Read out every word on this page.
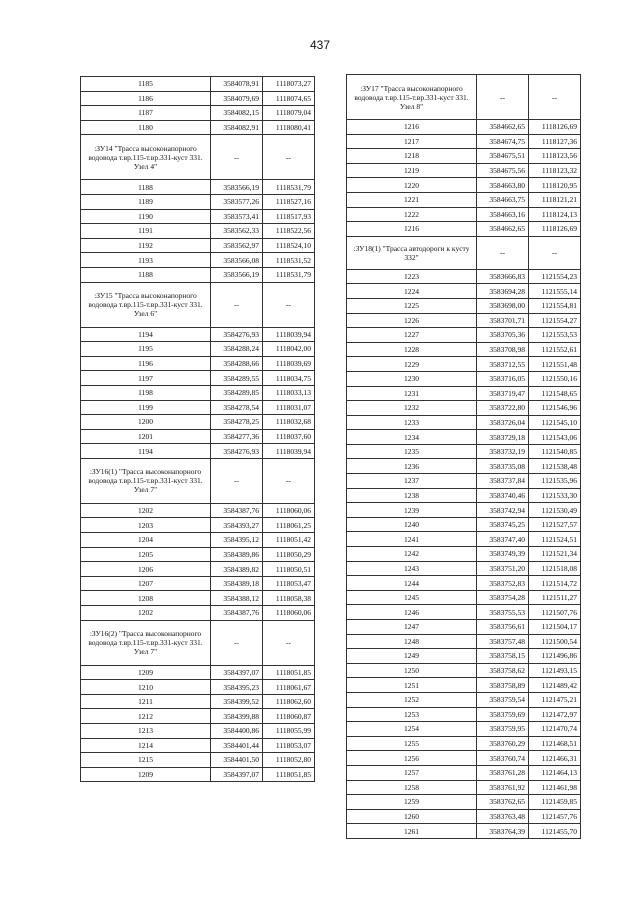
437
1185	3584078,91	1118073,27
1186	3584079,69	1118074,65
1187	3584082,15	1118079,04
1180	3584082,91	1118080,41
:ЗУ14 "Трасса высоконапорного водовода т.вр.115-т.вр.331-куст 331. Узел 4"	--	--
1188	3583566,19	1118531,79
1189	3583577,26	1118527,16
1190	3583573,41	1118517,93
1191	3583562,33	1118522,56
1192	3583562,97	1118524,10
1193	3583566,08	1118531,52
1188	3583566,19	1118531,79
:ЗУ15 "Трасса высоконапорного водовода т.вр.115-т.вр.331-куст 331. Узел 6"	--	--
1194	3584276,93	1118039,94
1195	3584288,24	1118042,00
1196	3584288,66	1118039,69
1197	3584289,55	1118034,75
1198	3584289,85	1118033,13
1199	3584278,54	1118031,07
1200	3584278,25	1118032,68
1201	3584277,36	1118037,60
1194	3584276,93	1118039,94
:ЗУ16(1) "Трасса высоконапорного водовода т.вр.115-т.вр.331-куст 331. Узел 7"	--	--
1202	3584387,76	1118060,06
1203	3584393,27	1118061,25
1204	3584395,12	1118051,42
1205	3584389,86	1118050,29
1206	3584389,82	1118050,51
1207	3584389,18	1118053,47
1208	3584388,12	1118058,38
1202	3584387,76	1118060,06
:ЗУ16(2) "Трасса высоконапорного водовода т.вр.115-т.вр.331-куст 331. Узел 7"	--	--
1209	3584397,07	1118051,85
1210	3584395,23	1118061,67
1211	3584399,52	1118062,60
1212	3584399,88	1118060,87
1213	3584400,86	1118055,99
1214	3584401,44	1118053,07
1215	3584401,50	1118052,80
1209	3584397,07	1118051,85
:ЗУ17 "Трасса высоконапорного водовода т.вр.115-т.вр.331-куст 331. Узел 8"	--	--
1216	3584662,65	1118126,69
1217	3584674,75	1118127,36
1218	3584675,51	1118123,56
1219	3584675,56	1118123,32
1220	3584663,80	1118120,95
1221	3584663,75	1118121,21
1222	3584663,16	1118124,13
1216	3584662,65	1118126,69
:ЗУ18(1) "Трасса автодороги к кусту 332"	--	--
1223	3583666,83	1121554,23
1224	3583694,28	1121555,14
1225	3583698,00	1121554,81
1226	3583701,71	1121554,27
1227	3583705,36	1121553,53
1228	3583708,98	1121552,61
1229	3583712,55	1121551,48
1230	3583716,05	1121550,16
1231	3583719,47	1121548,65
1232	3583722,80	1121546,96
1233	3583726,04	1121545,10
1234	3583729,18	1121543,06
1235	3583732,19	1121540,85
1236	3583735,08	1121538,48
1237	3583737,84	1121535,96
1238	3583740,46	1121533,30
1239	3583742,94	1121530,49
1240	3583745,25	1121527,57
1241	3583747,40	1121524,51
1242	3583749,39	1121521,34
1243	3583751,20	1121518,08
1244	3583752,83	1121514,72
1245	3583754,28	1121511,27
1246	3583755,53	1121507,76
1247	3583756,61	1121504,17
1248	3583757,48	1121500,54
1249	3583758,15	1121496,86
1250	3583758,62	1121493,15
1251	3583758,89	1121489,42
1252	3583759,54	1121475,21
1253	3583759,69	1121472,97
1254	3583759,95	1121470,74
1255	3583760,29	1121468,51
1256	3583760,74	1121466,31
1257	3583761,28	1121464,13
1258	3583761,92	1121461,98
1259	3583762,65	1121459,85
1260	3583763,48	1121457,76
1261	3583764,39	1121455,70
